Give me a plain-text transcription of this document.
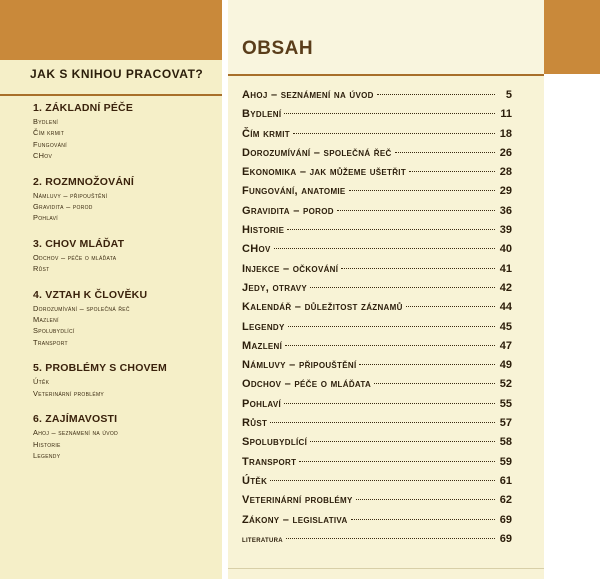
JAK S KNIHOU PRACOVAT?
1. ZÁKLADNÍ PÉČE
Bydlení
Čím krmit
Fungování
CHov
2. ROZMNOŽOVÁNÍ
Námluvy – připouštění
Gravidita – porod
Pohlaví
3. CHOV MLÁĎAT
Odchov – péče o mláďata
Růst
4. VZTAH K ČLOVĚKU
Dorozumívání – společná řeč
Mazlení
Spolubydlící
Transport
5. PROBLÉMY S CHOVEM
Útěk
Veterinární problémy
6. ZAJÍMAVOSTI
Ahoj – seznámení na úvod
Historie
Legendy
OBSAH
Ahoj – seznámení na úvod	5
Bydlení	11
Čím krmit	18
Dorozumívání – společná řeč	26
Ekonomika – jak můžeme ušetřit	28
Fungování, anatomie	29
Gravidita – porod	36
Historie	39
CHov	40
Injekce – očkování	41
Jedy, otravy	42
Kalendář – důležitost záznamů	44
Legendy	45
Mazlení	47
Námluvy – připouštění	49
Odchov – péče o mláďata	52
Pohlaví	55
Růst	57
Spolubydlící	58
Transport	59
Útěk	61
Veterinární problémy	62
Zákony – legislativa	69
literatura	69
